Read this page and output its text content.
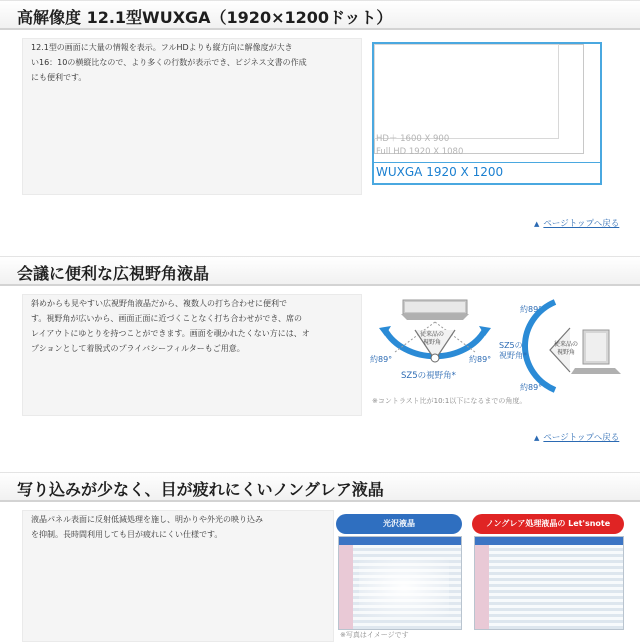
高解像度 12.1型WUXGA（1920×1200ドット）
12.1型の画面に大量の情報を表示。フルHDよりも縦方向に解像度が大き
い16：10の横縦比なので、より多くの行数が表示でき、ビジネス文書の作成
にも便利です。
HD＋ 1600 X 900
Full HD 1920 X 1080
WUXGA 1920 X 1200
▲ ページトップへ戻る
会議に便利な広視野角液晶
斜めからも見やすい広視野角液晶だから、複数人の打ち合わせに便利で
す。視野角が広いから、画面正面に近づくことなく打ち合わせができ、席の
レイアウトにゆとりを持つことができます。画面を覗かれたくない方には、オ
プションとして着脱式のプライバシーフィルターもご用意。
従来品の
視野角
約89°	約89°
SZ5の視野角*
約89°
従来品の
視野角
SZ5の
視野角*
約89°
※コントラスト比が10:1以下になるまでの角度。
▲ ページトップへ戻る
写り込みが少なく、目が疲れにくいノングレア液晶
液晶パネル表面に反射低減処理を施し、明かりや外光の映り込み
を抑制。長時間利用しても目が疲れにくい仕様です。
光沢液晶	ノングレア処理液晶の Let'snote
※写真はイメージです
